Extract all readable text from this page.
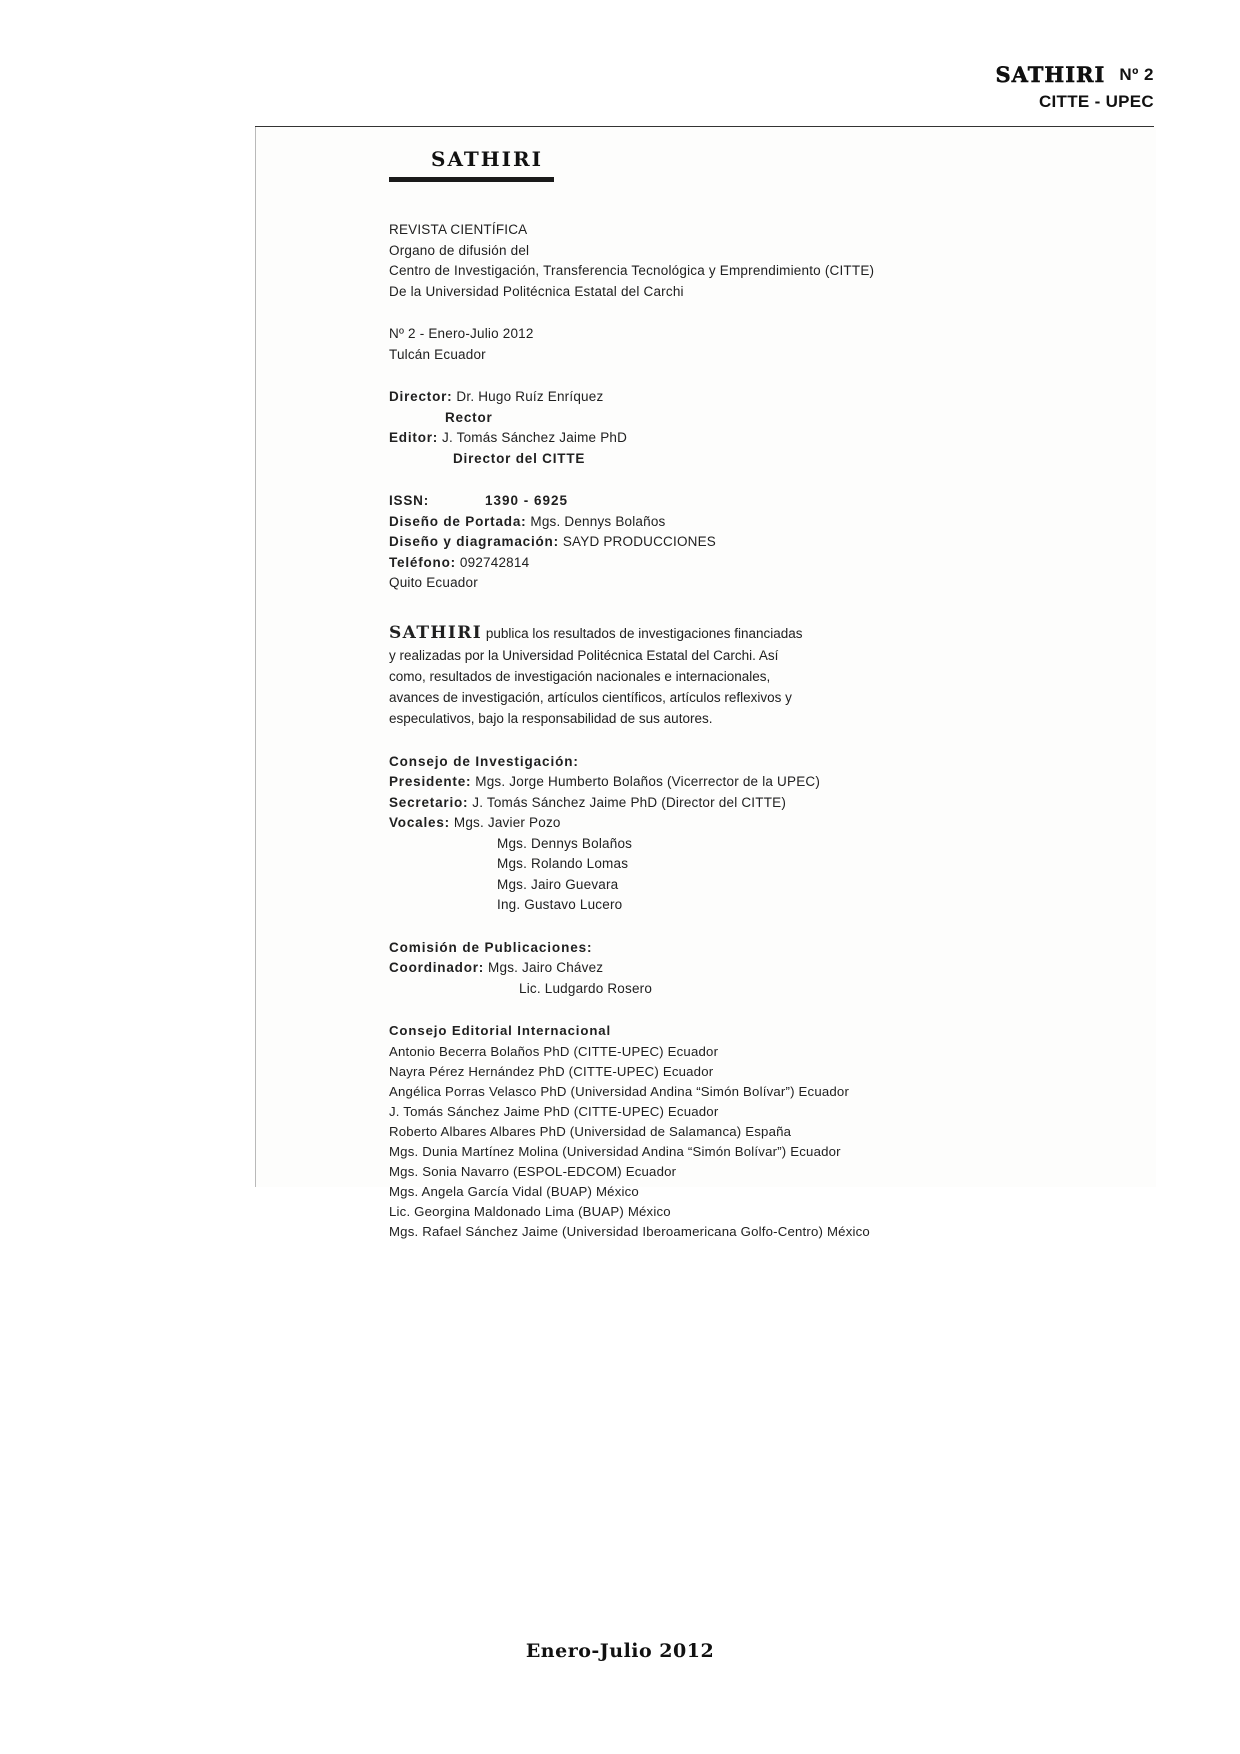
SATHIRI Nº 2
CITTE - UPEC
SATHIRI
REVISTA CIENTÍFICA
Organo de difusión del
Centro de Investigación, Transferencia Tecnológica y Emprendimiento (CITTE)
De la Universidad Politécnica Estatal del Carchi
Nº 2 - Enero-Julio 2012
Tulcán Ecuador
Director: Dr. Hugo Ruíz Enríquez
Rector
Editor: J. Tomás Sánchez Jaime PhD
Director del CITTE
ISSN:	1390 - 6925
Diseño de Portada: Mgs. Dennys Bolaños
Diseño y diagramación: SAYD PRODUCCIONES
Teléfono: 092742814
Quito Ecuador

SATHIRI publica los resultados de investigaciones financiadas y realizadas por la Universidad Politécnica Estatal del Carchi. Así como, resultados de investigación nacionales e internacionales, avances de investigación, artículos científicos, artículos reflexivos y especulativos, bajo la responsabilidad de sus autores.

Consejo de Investigación:
Presidente: Mgs. Jorge Humberto Bolaños (Vicerrector de la UPEC)
Secretario: J. Tomás Sánchez Jaime PhD (Director del CITTE)
Vocales: Mgs. Javier Pozo
Mgs. Dennys Bolaños
Mgs. Rolando Lomas
Mgs. Jairo Guevara
Ing. Gustavo Lucero
Comisión de Publicaciones:
Coordinador: Mgs. Jairo Chávez
Lic. Ludgardo Rosero
Consejo Editorial Internacional
Antonio Becerra Bolaños PhD (CITTE-UPEC) Ecuador
Nayra Pérez Hernández PhD (CITTE-UPEC) Ecuador
Angélica Porras Velasco PhD (Universidad Andina “Simón Bolívar”) Ecuador
J. Tomás Sánchez Jaime PhD (CITTE-UPEC) Ecuador
Roberto Albares Albares PhD (Universidad de Salamanca) España
Mgs. Dunia Martínez Molina (Universidad Andina “Simón Bolívar”) Ecuador
Mgs. Sonia Navarro (ESPOL-EDCOM) Ecuador
Mgs. Angela García Vidal (BUAP) México
Lic. Georgina Maldonado Lima (BUAP) México
Mgs. Rafael Sánchez Jaime (Universidad Iberoamericana Golfo-Centro) México
Enero-Julio 2012
